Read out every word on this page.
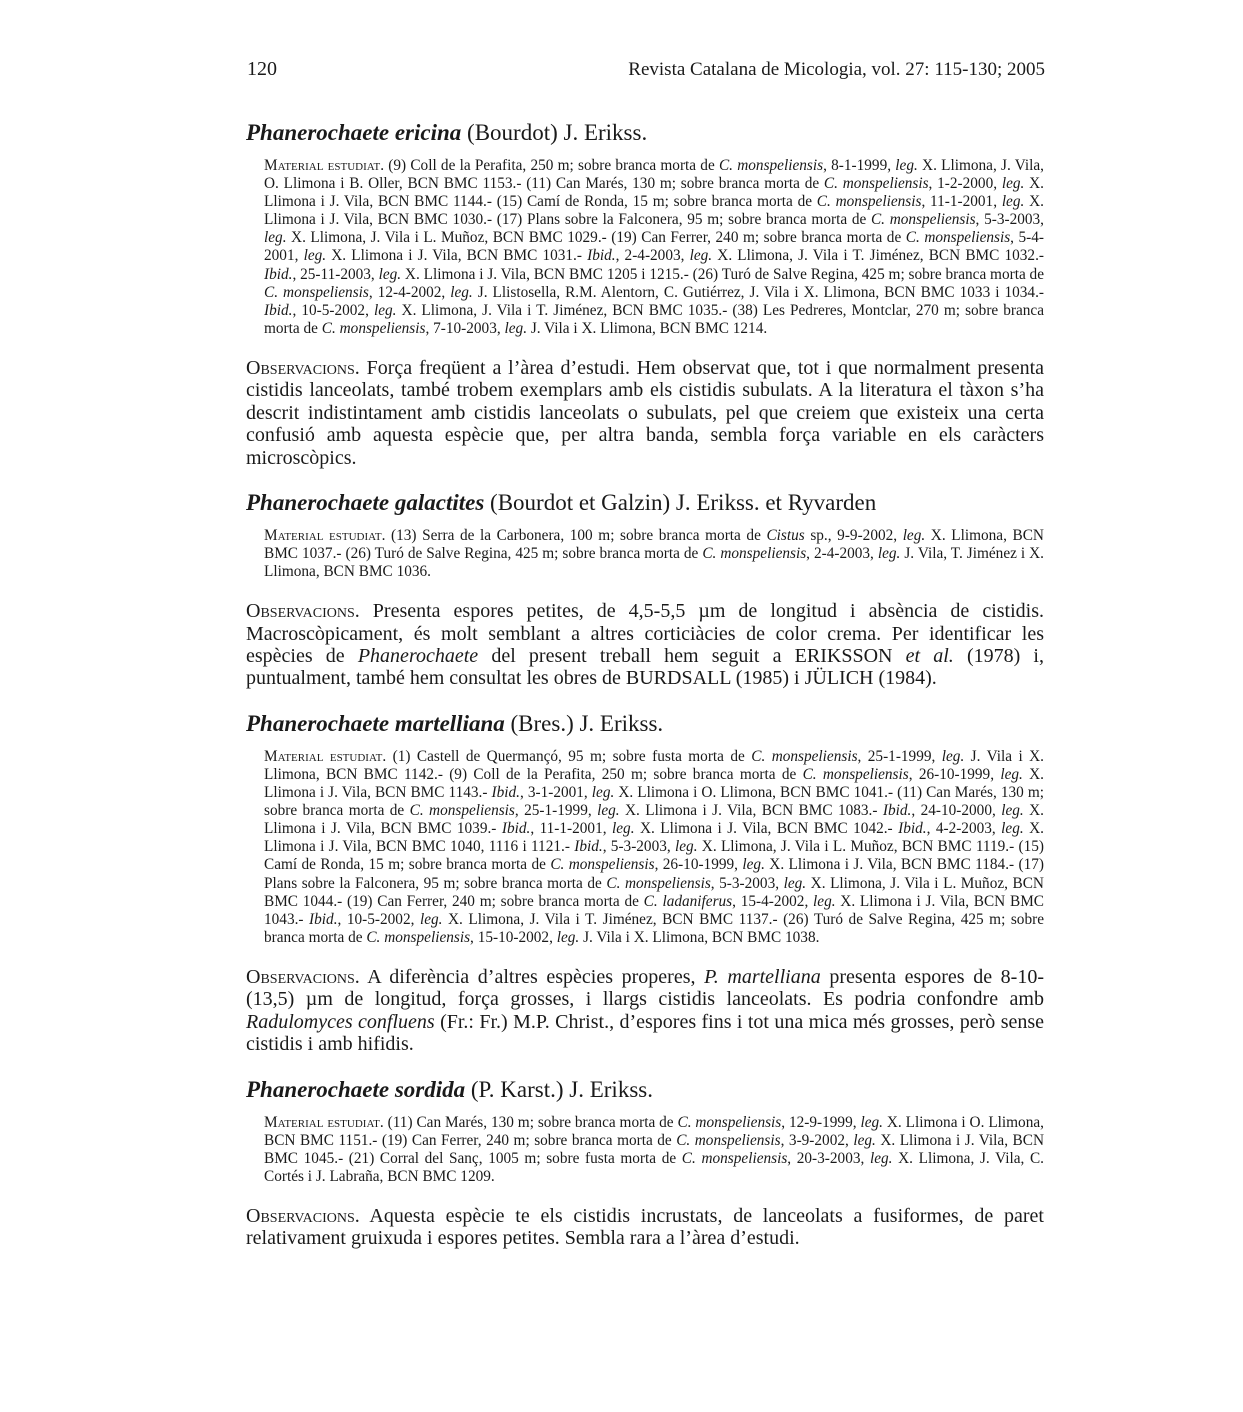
120	Revista Catalana de Micologia, vol. 27: 115-130; 2005

Phanerochaete ericina (Bourdot) J. Erikss.

Material estudiat. (9) Coll de la Perafita, 250 m; sobre branca morta de C. monspeliensis, 8-1-1999, leg. X. Llimona, J. Vila, O. Llimona i B. Oller, BCN BMC 1153.- (11) Can Marés, 130 m; sobre branca morta de C. monspeliensis, 1-2-2000, leg. X. Llimona i J. Vila, BCN BMC 1144.- (15) Camí de Ronda, 15 m; sobre branca morta de C. monspeliensis, 11-1-2001, leg. X. Llimona i J. Vila, BCN BMC 1030.- (17) Plans sobre la Falconera, 95 m; sobre branca morta de C. monspeliensis, 5-3-2003, leg. X. Llimona, J. Vila i L. Muñoz, BCN BMC 1029.- (19) Can Ferrer, 240 m; sobre branca morta de C. monspeliensis, 5-4-2001, leg. X. Llimona i J. Vila, BCN BMC 1031.- Ibid., 2-4-2003, leg. X. Llimona, J. Vila i T. Jiménez, BCN BMC 1032.- Ibid., 25-11-2003, leg. X. Llimona i J. Vila, BCN BMC 1205 i 1215.- (26) Turó de Salve Regina, 425 m; sobre branca morta de C. monspeliensis, 12-4-2002, leg. J. Llistosella, R.M. Alentorn, C. Gutiérrez, J. Vila i X. Llimona, BCN BMC 1033 i 1034.- Ibid., 10-5-2002, leg. X. Llimona, J. Vila i T. Jiménez, BCN BMC 1035.- (38) Les Pedreres, Montclar, 270 m; sobre branca morta de C. monspeliensis, 7-10-2003, leg. J. Vila i X. Llimona, BCN BMC 1214.

Observacions. Força freqüent a l’àrea d’estudi. Hem observat que, tot i que normalment presenta cistidis lanceolats, també trobem exemplars amb els cistidis subulats. A la literatura el tàxon s’ha descrit indistintament amb cistidis lanceolats o subulats, pel que creiem que existeix una certa confusió amb aquesta espècie que, per altra banda, sembla força variable en els caràcters microscòpics.

Phanerochaete galactites (Bourdot et Galzin) J. Erikss. et Ryvarden

Material estudiat. (13) Serra de la Carbonera, 100 m; sobre branca morta de Cistus sp., 9-9-2002, leg. X. Llimona, BCN BMC 1037.- (26) Turó de Salve Regina, 425 m; sobre branca morta de C. monspeliensis, 2-4-2003, leg. J. Vila, T. Jiménez i X. Llimona, BCN BMC 1036.

Observacions. Presenta espores petites, de 4,5-5,5 µm de longitud i absència de cistidis. Macroscòpicament, és molt semblant a altres corticiàcies de color crema. Per identificar les espècies de Phanerochaete del present treball hem seguit a ERIKSSON et al. (1978) i, puntualment, també hem consultat les obres de BURDSALL (1985) i JÜLICH (1984).

Phanerochaete martelliana (Bres.) J. Erikss.

Material estudiat. (1) Castell de Quermançó, 95 m; sobre fusta morta de C. monspeliensis, 25-1-1999, leg. J. Vila i X. Llimona, BCN BMC 1142.- (9) Coll de la Perafita, 250 m; sobre branca morta de C. monspeliensis, 26-10-1999, leg. X. Llimona i J. Vila, BCN BMC 1143.- Ibid., 3-1-2001, leg. X. Llimona i O. Llimona, BCN BMC 1041.- (11) Can Marés, 130 m; sobre branca morta de C. monspeliensis, 25-1-1999, leg. X. Llimona i J. Vila, BCN BMC 1083.- Ibid., 24-10-2000, leg. X. Llimona i J. Vila, BCN BMC 1039.- Ibid., 11-1-2001, leg. X. Llimona i J. Vila, BCN BMC 1042.- Ibid., 4-2-2003, leg. X. Llimona i J. Vila, BCN BMC 1040, 1116 i 1121.- Ibid., 5-3-2003, leg. X. Llimona, J. Vila i L. Muñoz, BCN BMC 1119.- (15) Camí de Ronda, 15 m; sobre branca morta de C. monspeliensis, 26-10-1999, leg. X. Llimona i J. Vila, BCN BMC 1184.- (17) Plans sobre la Falconera, 95 m; sobre branca morta de C. monspeliensis, 5-3-2003, leg. X. Llimona, J. Vila i L. Muñoz, BCN BMC 1044.- (19) Can Ferrer, 240 m; sobre branca morta de C. ladaniferus, 15-4-2002, leg. X. Llimona i J. Vila, BCN BMC 1043.- Ibid., 10-5-2002, leg. X. Llimona, J. Vila i T. Jiménez, BCN BMC 1137.- (26) Turó de Salve Regina, 425 m; sobre branca morta de C. monspeliensis, 15-10-2002, leg. J. Vila i X. Llimona, BCN BMC 1038.

Observacions. A diferència d’altres espècies properes, P. martelliana presenta espores de 8-10-(13,5) µm de longitud, força grosses, i llargs cistidis lanceolats. Es podria confondre amb Radulomyces confluens (Fr.: Fr.) M.P. Christ., d’espores fins i tot una mica més grosses, però sense cistidis i amb hifidis.

Phanerochaete sordida (P. Karst.) J. Erikss.

Material estudiat. (11) Can Marés, 130 m; sobre branca morta de C. monspeliensis, 12-9-1999, leg. X. Llimona i O. Llimona, BCN BMC 1151.- (19) Can Ferrer, 240 m; sobre branca morta de C. monspeliensis, 3-9-2002, leg. X. Llimona i J. Vila, BCN BMC 1045.- (21) Corral del Sanç, 1005 m; sobre fusta morta de C. monspeliensis, 20-3-2003, leg. X. Llimona, J. Vila, C. Cortés i J. Labraña, BCN BMC 1209.

Observacions. Aquesta espècie te els cistidis incrustats, de lanceolats a fusiformes, de paret relativament gruixuda i espores petites. Sembla rara a l’àrea d’estudi.
